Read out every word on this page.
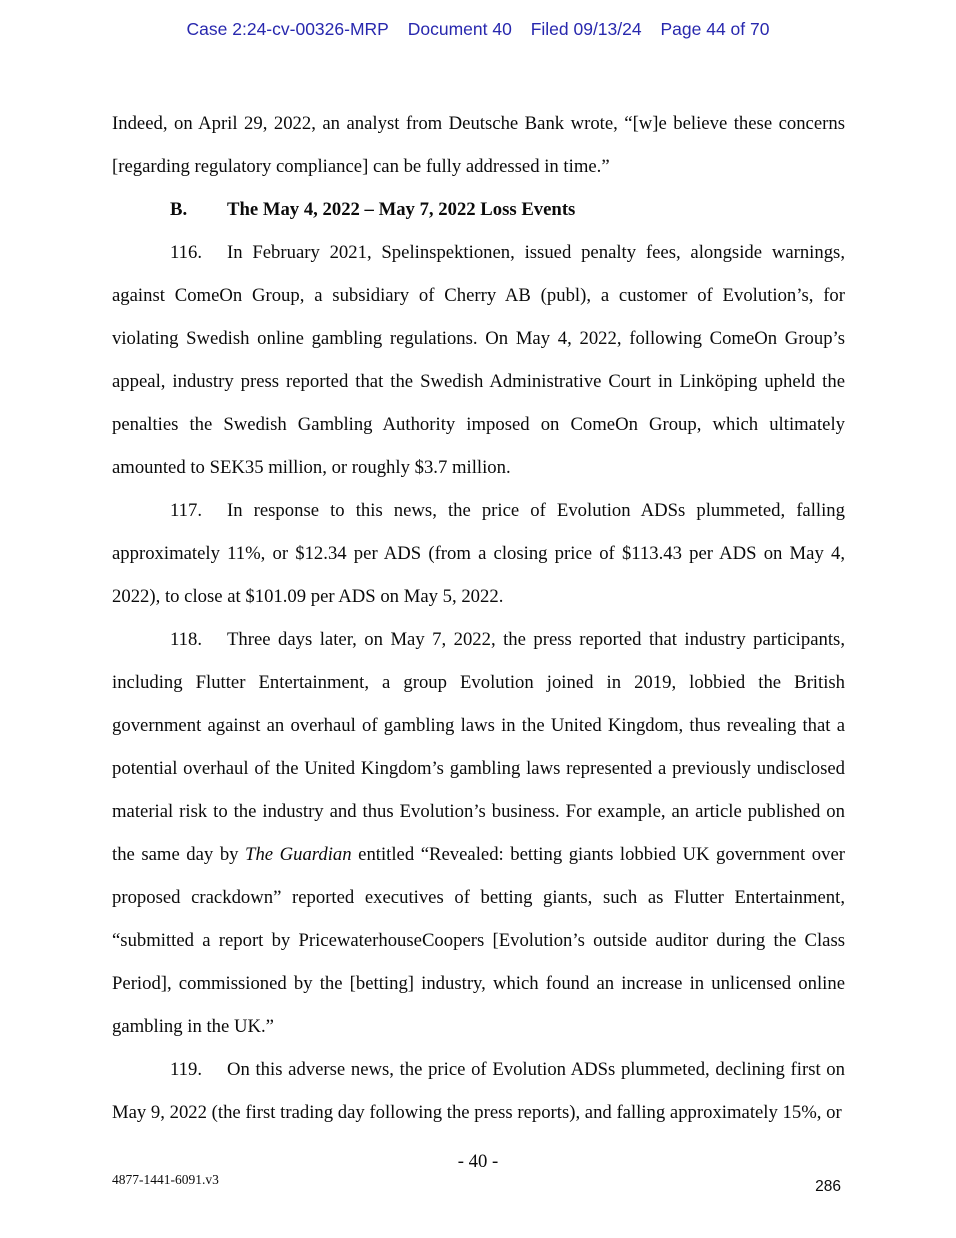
Case 2:24-cv-00326-MRP Document 40 Filed 09/13/24 Page 44 of 70

Indeed, on April 29, 2022, an analyst from Deutsche Bank wrote, “[w]e believe these concerns [regarding regulatory compliance] can be fully addressed in time.”

B. The May 4, 2022 – May 7, 2022 Loss Events

116. In February 2021, Spelinspektionen, issued penalty fees, alongside warnings, against ComeOn Group, a subsidiary of Cherry AB (publ), a customer of Evolution’s, for violating Swedish online gambling regulations. On May 4, 2022, following ComeOn Group’s appeal, industry press reported that the Swedish Administrative Court in Linköping upheld the penalties the Swedish Gambling Authority imposed on ComeOn Group, which ultimately amounted to SEK35 million, or roughly $3.7 million.

117. In response to this news, the price of Evolution ADSs plummeted, falling approximately 11%, or $12.34 per ADS (from a closing price of $113.43 per ADS on May 4, 2022), to close at $101.09 per ADS on May 5, 2022.

118. Three days later, on May 7, 2022, the press reported that industry participants, including Flutter Entertainment, a group Evolution joined in 2019, lobbied the British government against an overhaul of gambling laws in the United Kingdom, thus revealing that a potential overhaul of the United Kingdom’s gambling laws represented a previously undisclosed material risk to the industry and thus Evolution’s business. For example, an article published on the same day by The Guardian entitled “Revealed: betting giants lobbied UK government over proposed crackdown” reported executives of betting giants, such as Flutter Entertainment, “submitted a report by PricewaterhouseCoopers [Evolution’s outside auditor during the Class Period], commissioned by the [betting] industry, which found an increase in unlicensed online gambling in the UK.”

119. On this adverse news, the price of Evolution ADSs plummeted, declining first on May 9, 2022 (the first trading day following the press reports), and falling approximately 15%, or

- 40 -
4877-1441-6091.v3	286
